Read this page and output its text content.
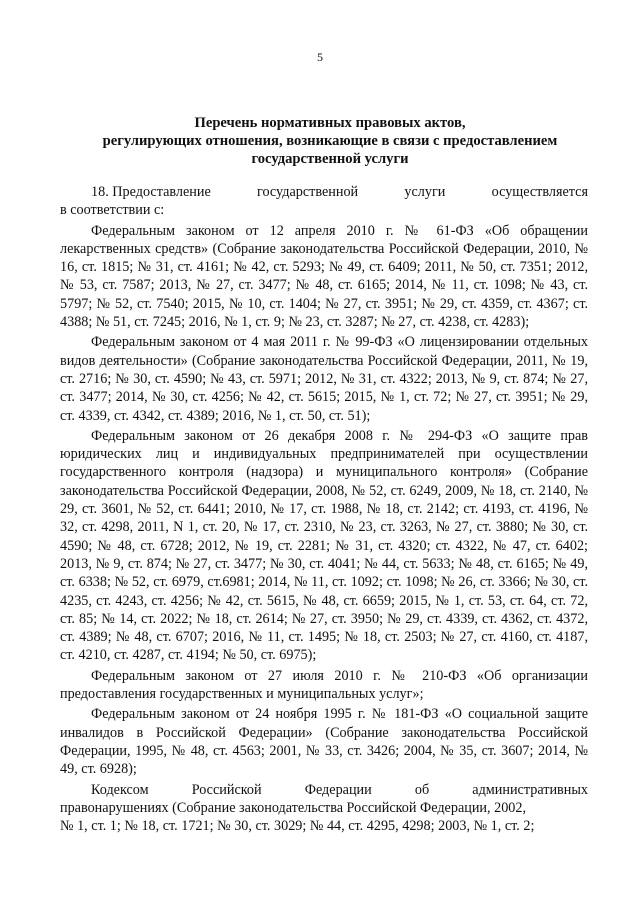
5
Перечень нормативных правовых актов,
регулирующих отношения, возникающие в связи с предоставлением
государственной услуги
18. Предоставление	государственной	услуги	осуществляется
в соответствии с:

Федеральным законом от 12 апреля 2010 г. № 61-ФЗ «Об обращении лекарственных средств» (Собрание законодательства Российской Федерации, 2010, № 16, ст. 1815; № 31, ст. 4161; № 42, ст. 5293; № 49, ст. 6409; 2011, № 50, ст. 7351; 2012, № 53, ст. 7587; 2013, № 27, ст. 3477; № 48, ст. 6165; 2014, № 11, ст. 1098; № 43, ст. 5797; № 52, ст. 7540; 2015, № 10, ст. 1404; № 27, ст. 3951; № 29, ст. 4359, ст. 4367; ст. 4388; № 51, ст. 7245; 2016, № 1, ст. 9; № 23, ст. 3287; № 27, ст. 4238, ст. 4283);

Федеральным законом от 4 мая 2011 г. № 99-ФЗ «О лицензировании отдельных видов деятельности» (Собрание законодательства Российской Федерации, 2011, № 19, ст. 2716; № 30, ст. 4590; № 43, ст. 5971; 2012, № 31, ст. 4322; 2013, № 9, ст. 874; № 27, ст. 3477; 2014, № 30, ст. 4256; № 42, ст. 5615; 2015, № 1, ст. 72; № 27, ст. 3951; № 29, ст. 4339, ст. 4342, ст. 4389; 2016, № 1, ст. 50, ст. 51);

Федеральным законом от 26 декабря 2008 г. № 294-ФЗ «О защите прав юридических лиц и индивидуальных предпринимателей при осуществлении государственного контроля (надзора) и муниципального контроля» (Собрание законодательства Российской Федерации, 2008, № 52, ст. 6249, 2009, № 18, ст. 2140, № 29, ст. 3601, № 52, ст. 6441; 2010, № 17, ст. 1988, № 18, ст. 2142; ст. 4193, ст. 4196, № 32, ст. 4298, 2011, N 1, ст. 20, № 17, ст. 2310, № 23, ст. 3263, № 27, ст. 3880; № 30, ст. 4590; № 48, ст. 6728; 2012, № 19, ст. 2281; № 31, ст. 4320; ст. 4322, № 47, ст. 6402; 2013, № 9, ст. 874; № 27, ст. 3477; № 30, ст. 4041; № 44, ст. 5633; № 48, ст. 6165; № 49, ст. 6338; № 52, ст. 6979, ст.6981; 2014, № 11, ст. 1092; ст. 1098; № 26, ст. 3366; № 30, ст. 4235, ст. 4243, ст. 4256; № 42, ст. 5615, № 48, ст. 6659; 2015, № 1, ст. 53, ст. 64, ст. 72, ст. 85; № 14, ст. 2022; № 18, ст. 2614; № 27, ст. 3950; № 29, ст. 4339, ст. 4362, ст. 4372, ст. 4389; № 48, ст. 6707; 2016, № 11, ст. 1495; № 18, ст. 2503; № 27, ст. 4160, ст. 4187, ст. 4210, ст. 4287, ст. 4194; № 50, ст. 6975);

Федеральным законом от 27 июля 2010 г. № 210-ФЗ «Об организации предоставления государственных и муниципальных услуг»;

Федеральным законом от 24 ноября 1995 г. № 181-ФЗ «О социальной защите инвалидов в Российской Федерации» (Собрание законодательства Российской Федерации, 1995, № 48, ст. 4563; 2001, № 33, ст. 3426; 2004, № 35, ст. 3607; 2014, № 49, ст. 6928);

Кодексом	Российской	Федерации	об	административных
правонарушениях (Собрание законодательства Российской Федерации, 2002,
№ 1, ст. 1; № 18, ст. 1721; № 30, ст. 3029; № 44, ст. 4295, 4298; 2003, № 1, ст. 2;
